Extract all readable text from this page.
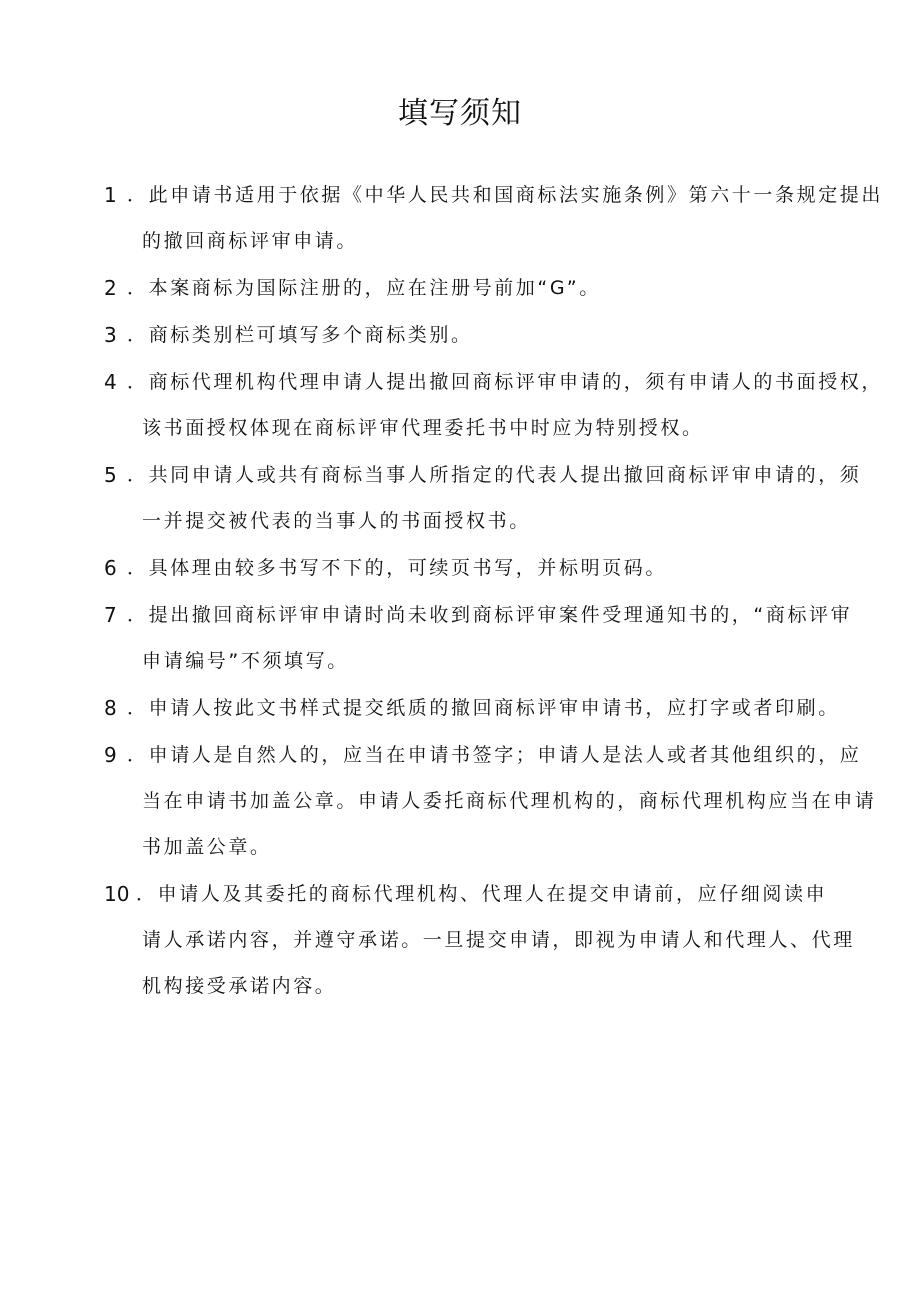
填写须知
1 ．此申请书适用于依据《中华人民共和国商标法实施条例》第六十一条规定提出
的撤回商标评审申请。
2 ．本案商标为国际注册的，应在注册号前加“G”。
3 ．商标类别栏可填写多个商标类别。
4 ．商标代理机构代理申请人提出撤回商标评审申请的，须有申请人的书面授权，
该书面授权体现在商标评审代理委托书中时应为特别授权。
5 ．共同申请人或共有商标当事人所指定的代表人提出撤回商标评审申请的，须
一并提交被代表的当事人的书面授权书。
6 ．具体理由较多书写不下的，可续页书写，并标明页码。
7 ．提出撤回商标评审申请时尚未收到商标评审案件受理通知书的，“商标评审
申请编号”不须填写。
8 ．申请人按此文书样式提交纸质的撤回商标评审申请书，应打字或者印刷。
9 ．申请人是自然人的，应当在申请书签字；申请人是法人或者其他组织的，应
当在申请书加盖公章。申请人委托商标代理机构的，商标代理机构应当在申请
书加盖公章。
10 ．申请人及其委托的商标代理机构、代理人在提交申请前，应仔细阅读申
请人承诺内容，并遵守承诺。一旦提交申请，即视为申请人和代理人、代理
机构接受承诺内容。
